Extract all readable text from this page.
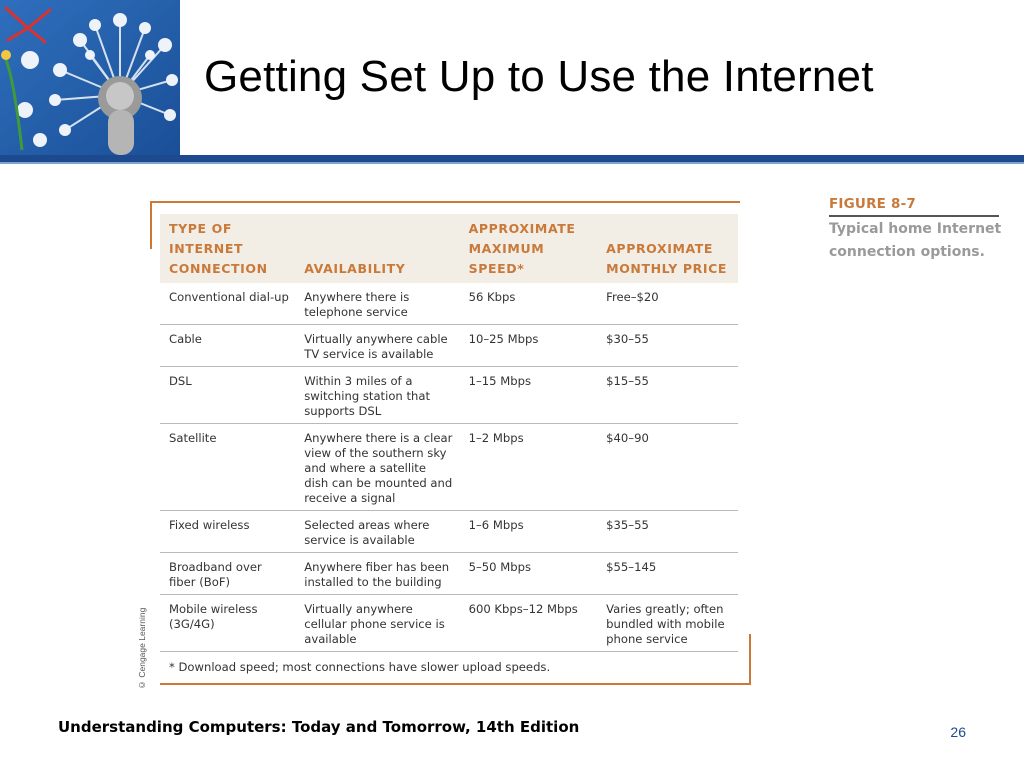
Getting Set Up to Use the Internet
© Cengage Learning
TYPE OF INTERNET CONNECTION	AVAILABILITY	APPROXIMATE MAXIMUM SPEED*	APPROXIMATE MONTHLY PRICE
Conventional dial-up	Anywhere there is telephone service	56 Kbps	Free–$20
Cable	Virtually anywhere cable TV service is available	10–25 Mbps	$30–55
DSL	Within 3 miles of a switching station that supports DSL	1–15 Mbps	$15–55
Satellite	Anywhere there is a clear view of the southern sky and where a satellite dish can be mounted and receive a signal	1–2 Mbps	$40–90
Fixed wireless	Selected areas where service is available	1–6 Mbps	$35–55
Broadband over fiber (BoF)	Anywhere fiber has been installed to the building	5–50 Mbps	$55–145
Mobile wireless (3G/4G)	Virtually anywhere cellular phone service is available	600 Kbps–12 Mbps	Varies greatly; often bundled with mobile phone service
* Download speed; most connections have slower upload speeds.			
FIGURE 8-7
Typical home Internet connection options.
Understanding Computers: Today and Tomorrow, 14th Edition	26
